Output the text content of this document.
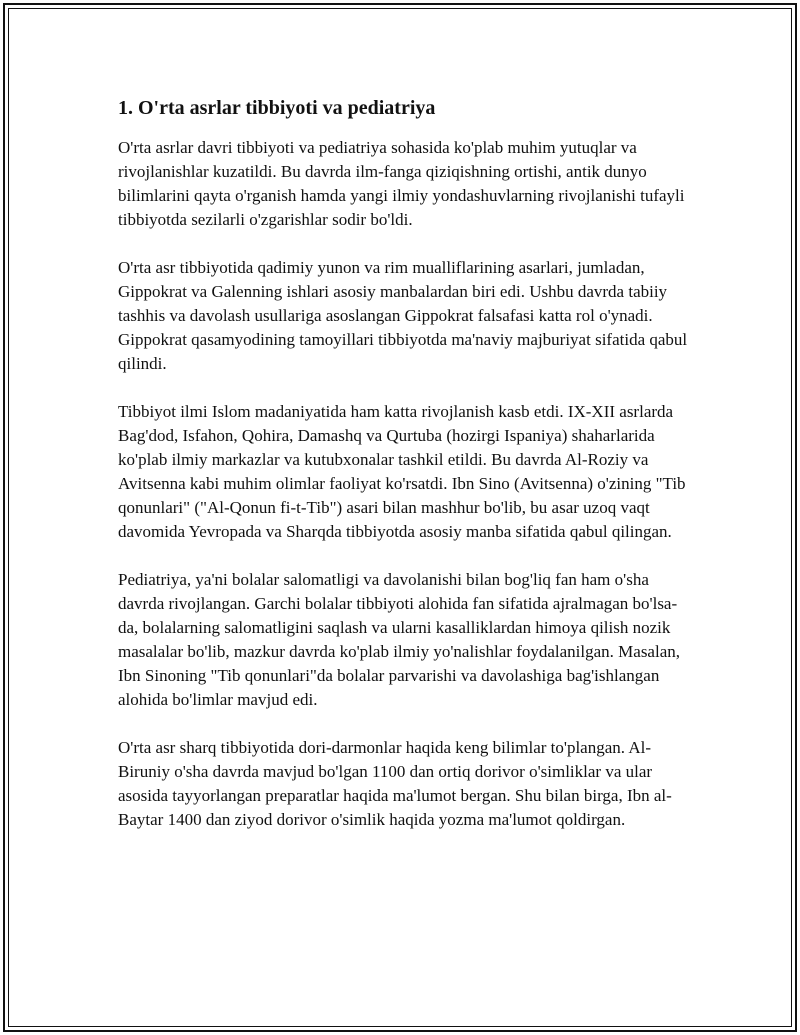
1. O'rta asrlar tibbiyoti va pediatriya

O'rta asrlar davri tibbiyoti va pediatriya sohasida ko'plab muhim yutuqlar va rivojlanishlar kuzatildi. Bu davrda ilm-fanga qiziqishning ortishi, antik dunyo bilimlarini qayta o'rganish hamda yangi ilmiy yondashuvlarning rivojlanishi tufayli tibbiyotda sezilarli o'zgarishlar sodir bo'ldi.

O'rta asr tibbiyotida qadimiy yunon va rim mualliflarining asarlari, jumladan, Gippokrat va Galenning ishlari asosiy manbalardan biri edi. Ushbu davrda tabiiy tashhis va davolash usullariga asoslangan Gippokrat falsafasi katta rol o'ynadi. Gippokrat qasamyodining tamoyillari tibbiyotda ma'naviy majburiyat sifatida qabul qilindi.

Tibbiyot ilmi Islom madaniyatida ham katta rivojlanish kasb etdi. IX-XII asrlarda Bag'dod, Isfahon, Qohira, Damashq va Qurtuba (hozirgi Ispaniya) shaharlarida ko'plab ilmiy markazlar va kutubxonalar tashkil etildi. Bu davrda Al-Roziy va Avitsenna kabi muhim olimlar faoliyat ko'rsatdi. Ibn Sino (Avitsenna) o'zining "Tib qonunlari" ("Al-Qonun fi-t-Tib") asari bilan mashhur bo'lib, bu asar uzoq vaqt davomida Yevropada va Sharqda tibbiyotda asosiy manba sifatida qabul qilingan.

Pediatriya, ya'ni bolalar salomatligi va davolanishi bilan bog'liq fan ham o'sha davrda rivojlangan. Garchi bolalar tibbiyoti alohida fan sifatida ajralmagan bo'lsa-da, bolalarning salomatligini saqlash va ularni kasalliklardan himoya qilish nozik masalalar bo'lib, mazkur davrda ko'plab ilmiy yo'nalishlar foydalanilgan. Masalan, Ibn Sinoning "Tib qonunlari"da bolalar parvarishi va davolashiga bag'ishlangan alohida bo'limlar mavjud edi.

O'rta asr sharq tibbiyotida dori-darmonlar haqida keng bilimlar to'plangan. Al-Biruniy o'sha davrda mavjud bo'lgan 1100 dan ortiq dorivor o'simliklar va ular asosida tayyorlangan preparatlar haqida ma'lumot bergan. Shu bilan birga, Ibn al-Baytar 1400 dan ziyod dorivor o'simlik haqida yozma ma'lumot qoldirgan.
